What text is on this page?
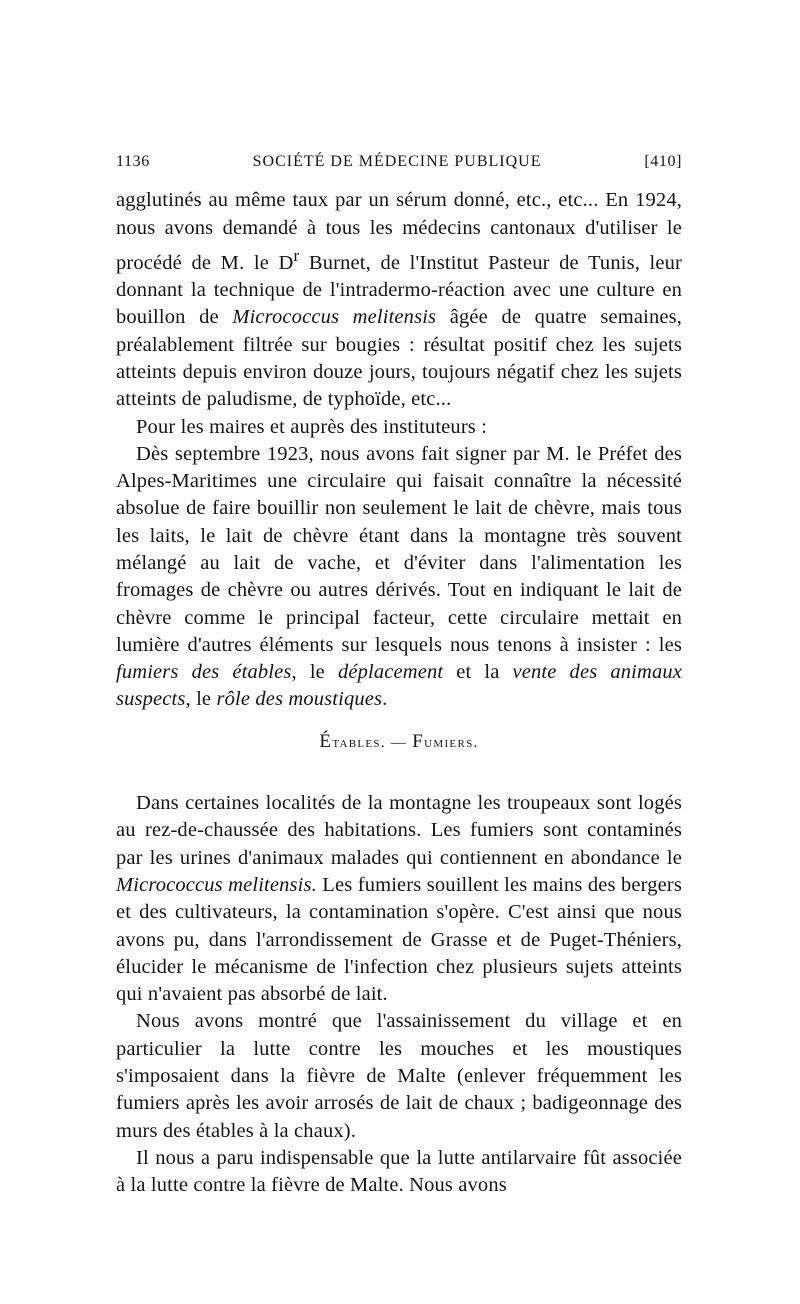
1136	SOCIÉTÉ DE MÉDECINE PUBLIQUE	[410]

agglutinés au même taux par un sérum donné, etc., etc... En 1924, nous avons demandé à tous les médecins cantonaux d'utiliser le procédé de M. le $D^r$ Burnet, de l'Institut Pasteur de Tunis, leur donnant la technique de l'intradermo-réaction avec une culture en bouillon de Micrococcus melitensis âgée de quatre semaines, préalablement filtrée sur bougies : résultat positif chez les sujets atteints depuis environ douze jours, toujours négatif chez les sujets atteints de paludisme, de typhoïde, etc...

Pour les maires et auprès des instituteurs :

Dès septembre 1923, nous avons fait signer par M. le Préfet des Alpes-Maritimes une circulaire qui faisait connaître la nécessité absolue de faire bouillir non seulement le lait de chèvre, mais tous les laits, le lait de chèvre étant dans la montagne très souvent mélangé au lait de vache, et d'éviter dans l'alimentation les fromages de chèvre ou autres dérivés. Tout en indiquant le lait de chèvre comme le principal facteur, cette circulaire mettait en lumière d'autres éléments sur lesquels nous tenons à insister : les fumiers des étables, le déplacement et la vente des animaux suspects, le rôle des moustiques.

Étables. — Fumiers.

Dans certaines localités de la montagne les troupeaux sont logés au rez-de-chaussée des habitations. Les fumiers sont contaminés par les urines d'animaux malades qui contiennent en abondance le Micrococcus melitensis. Les fumiers souillent les mains des bergers et des cultivateurs, la contamination s'opère. C'est ainsi que nous avons pu, dans l'arrondissement de Grasse et de Puget-Théniers, élucider le mécanisme de l'infection chez plusieurs sujets atteints qui n'avaient pas absorbé de lait.

Nous avons montré que l'assainissement du village et en particulier la lutte contre les mouches et les moustiques s'imposaient dans la fièvre de Malte (enlever fréquemment les fumiers après les avoir arrosés de lait de chaux ; badigeonnage des murs des étables à la chaux).

Il nous a paru indispensable que la lutte antilarvaire fût associée à la lutte contre la fièvre de Malte. Nous avons
